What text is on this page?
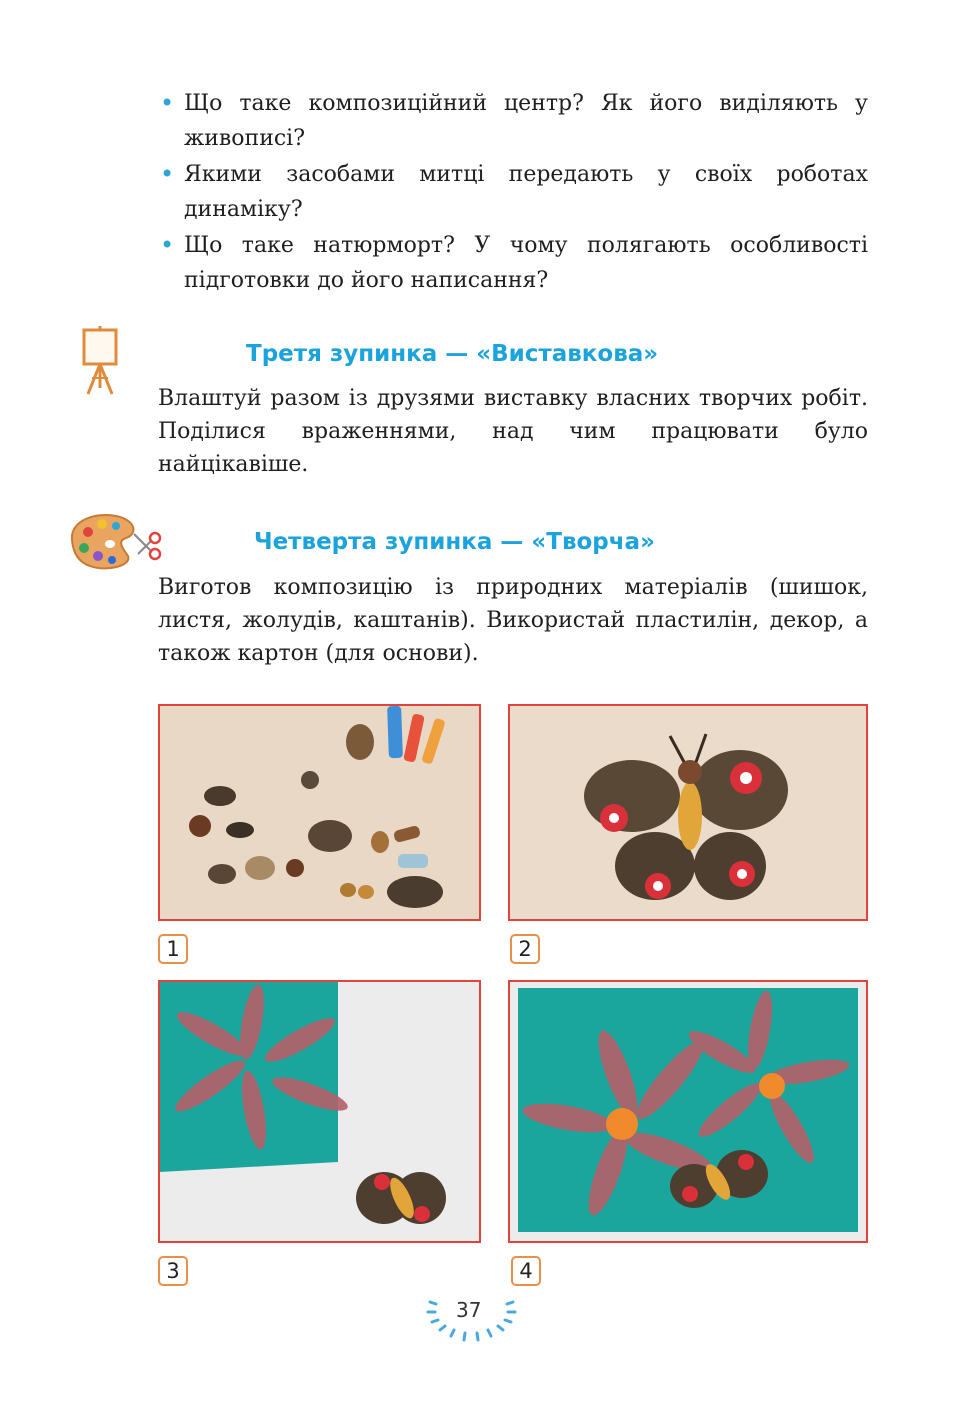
• Що таке композиційний центр? Як його виділяють у живописі?
• Якими засобами митці передають у своїх роботах динаміку?
• Що таке натюрморт? У чому полягають особливості підготовки до його написання?
Третя зупинка — «Виставкова»
Влаштуй разом із друзями виставку власних творчих робіт. Поділися враженнями, над чим працювати було найцікавіше.
Четверта зупинка — «Творча»
Виготов композицію із природних матеріалів (шишок, листя, жолудів, каштанів). Використай пластилін, декор, а також картон (для основи).
1	2
3	4
37
